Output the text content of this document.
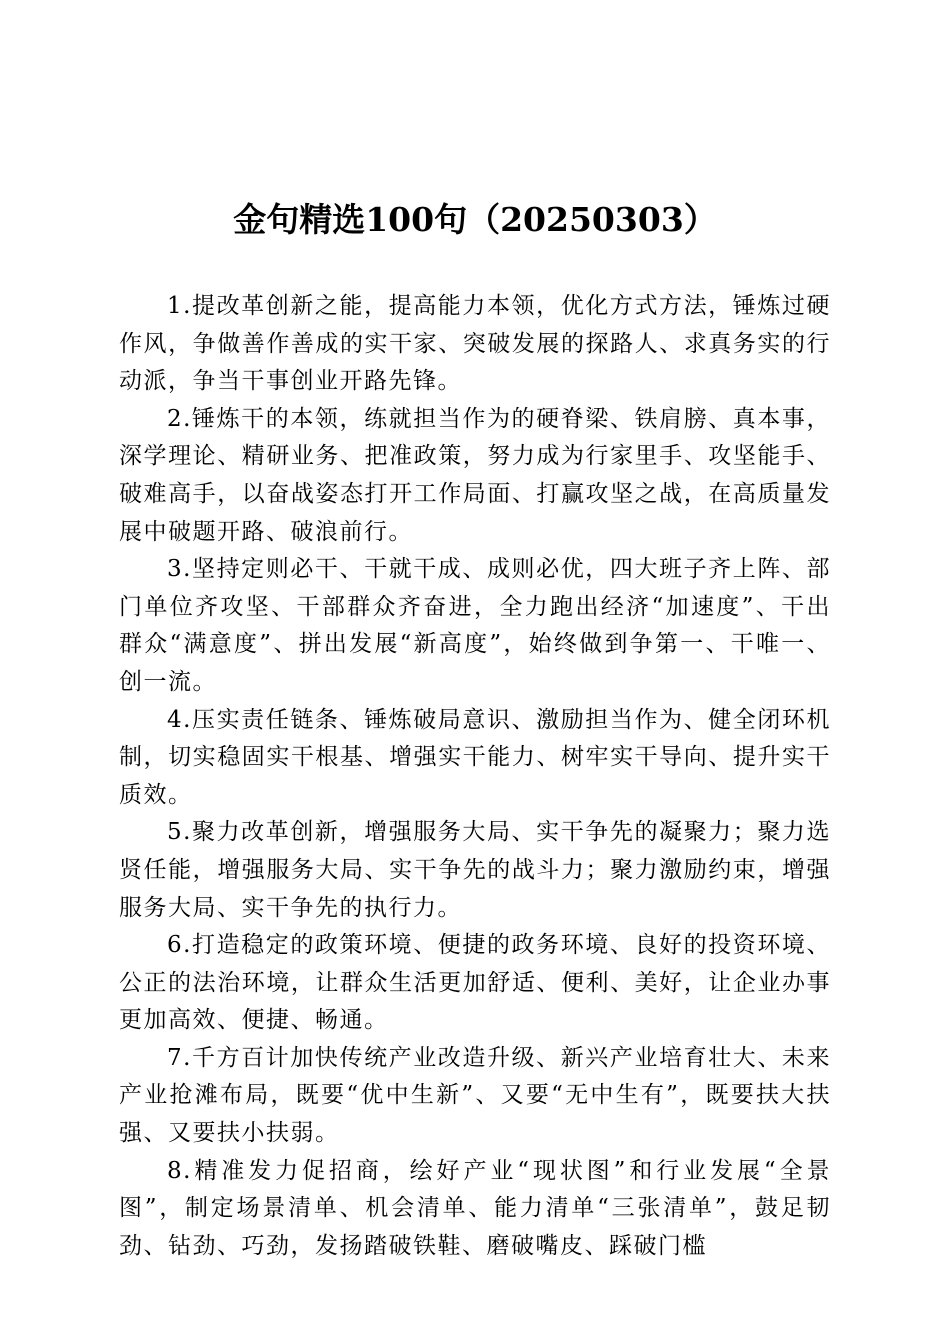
金句精选100句（20250303）

1.提改革创新之能，提高能力本领，优化方式方法，锤炼过硬作风，争做善作善成的实干家、突破发展的探路人、求真务实的行动派，争当干事创业开路先锋。

2.锤炼干的本领，练就担当作为的硬脊梁、铁肩膀、真本事，深学理论、精研业务、把准政策，努力成为行家里手、攻坚能手、破难高手，以奋战姿态打开工作局面、打赢攻坚之战，在高质量发展中破题开路、破浪前行。

3.坚持定则必干、干就干成、成则必优，四大班子齐上阵、部门单位齐攻坚、干部群众齐奋进，全力跑出经济“加速度”、干出群众“满意度”、拼出发展“新高度”，始终做到争第一、干唯一、创一流。

4.压实责任链条、锤炼破局意识、激励担当作为、健全闭环机制，切实稳固实干根基、增强实干能力、树牢实干导向、提升实干质效。

5.聚力改革创新，增强服务大局、实干争先的凝聚力；聚力选贤任能，增强服务大局、实干争先的战斗力；聚力激励约束，增强服务大局、实干争先的执行力。

6.打造稳定的政策环境、便捷的政务环境、良好的投资环境、公正的法治环境，让群众生活更加舒适、便利、美好，让企业办事更加高效、便捷、畅通。

7.千方百计加快传统产业改造升级、新兴产业培育壮大、未来产业抢滩布局，既要“优中生新”、又要“无中生有”，既要扶大扶强、又要扶小扶弱。

8.精准发力促招商，绘好产业“现状图”和行业发展“全景图”，制定场景清单、机会清单、能力清单“三张清单”，鼓足韧劲、钻劲、巧劲，发扬踏破铁鞋、磨破嘴皮、踩破门槛
